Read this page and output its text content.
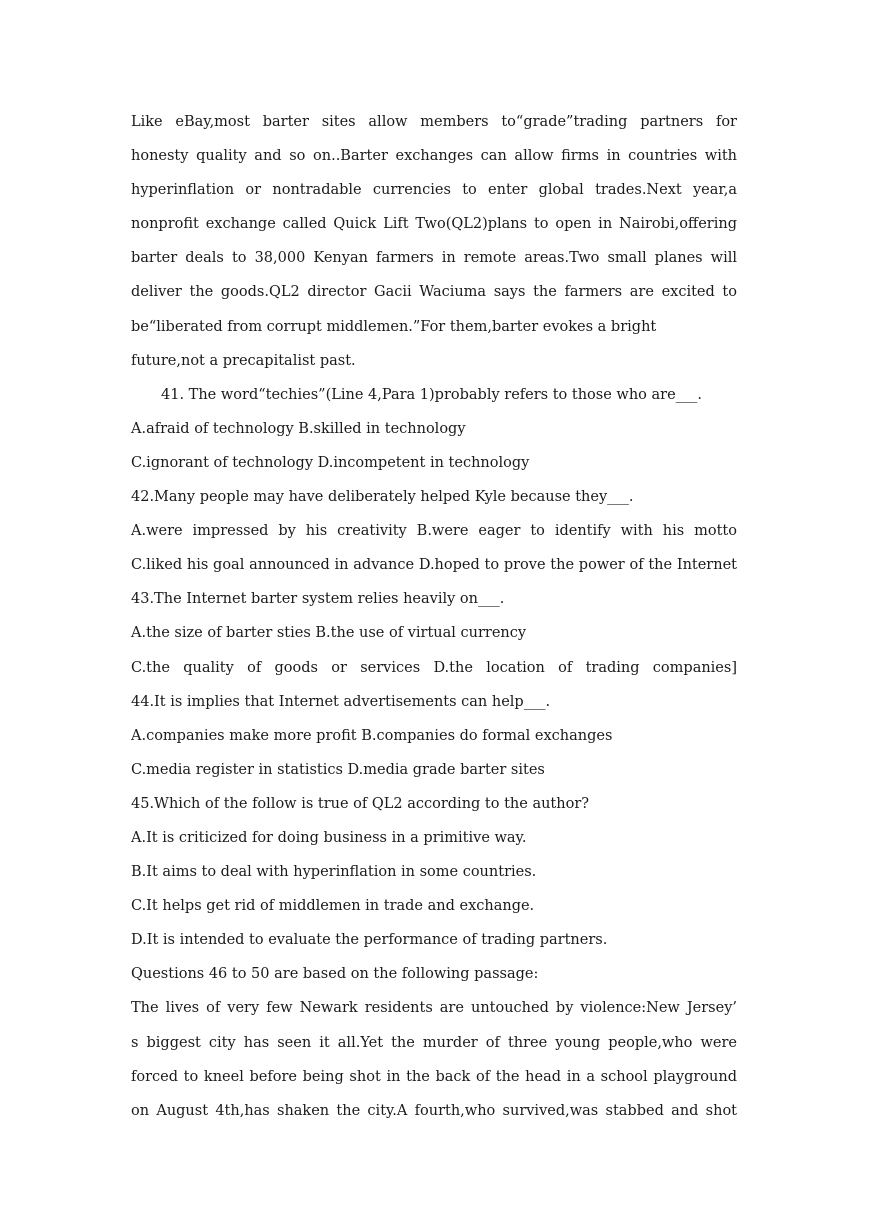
Like eBay,most barter sites allow members to“grade”trading partners for
honesty quality and so on..Barter exchanges can allow firms in countries with
hyperinflation or nontradable currencies to enter global trades.Next year,a
nonprofit exchange called Quick Lift Two(QL2)plans to open in Nairobi,offering
barter deals to 38,000 Kenyan farmers in remote areas.Two small planes will
deliver the goods.QL2 director Gacii Waciuma says the farmers are excited to
be“liberated from corrupt middlemen.”For them,barter evokes a bright
future,not a precapitalist past.
41. The word“techies”(Line 4,Para 1)probably refers to those who are___.
A.afraid of technology B.skilled in technology
C.ignorant of technology D.incompetent in technology
42.Many people may have deliberately helped Kyle because they___.
A.were impressed by his creativity B.were eager to identify with his motto
C.liked his goal announced in advance D.hoped to prove the power of the Internet
43.The Internet barter system relies heavily on___.
A.the size of barter sties B.the use of virtual currency
C.the quality of goods or services D.the location of trading companies]
44.It is implies that Internet advertisements can help___.
A.companies make more profit B.companies do formal exchanges
C.media register in statistics D.media grade barter sites
45.Which of the follow is true of QL2 according to the author?
A.It is criticized for doing business in a primitive way.
B.It aims to deal with hyperinflation in some countries.
C.It helps get rid of middlemen in trade and exchange.
D.It is intended to evaluate the performance of trading partners.
Questions 46 to 50 are based on the following passage:
The lives of very few Newark residents are untouched by violence:New Jersey’
s biggest city has seen it all.Yet the murder of three young people,who were
forced to kneel before being shot in the back of the head in a school playground
on August 4th,has shaken the city.A fourth,who survived,was stabbed and shot
